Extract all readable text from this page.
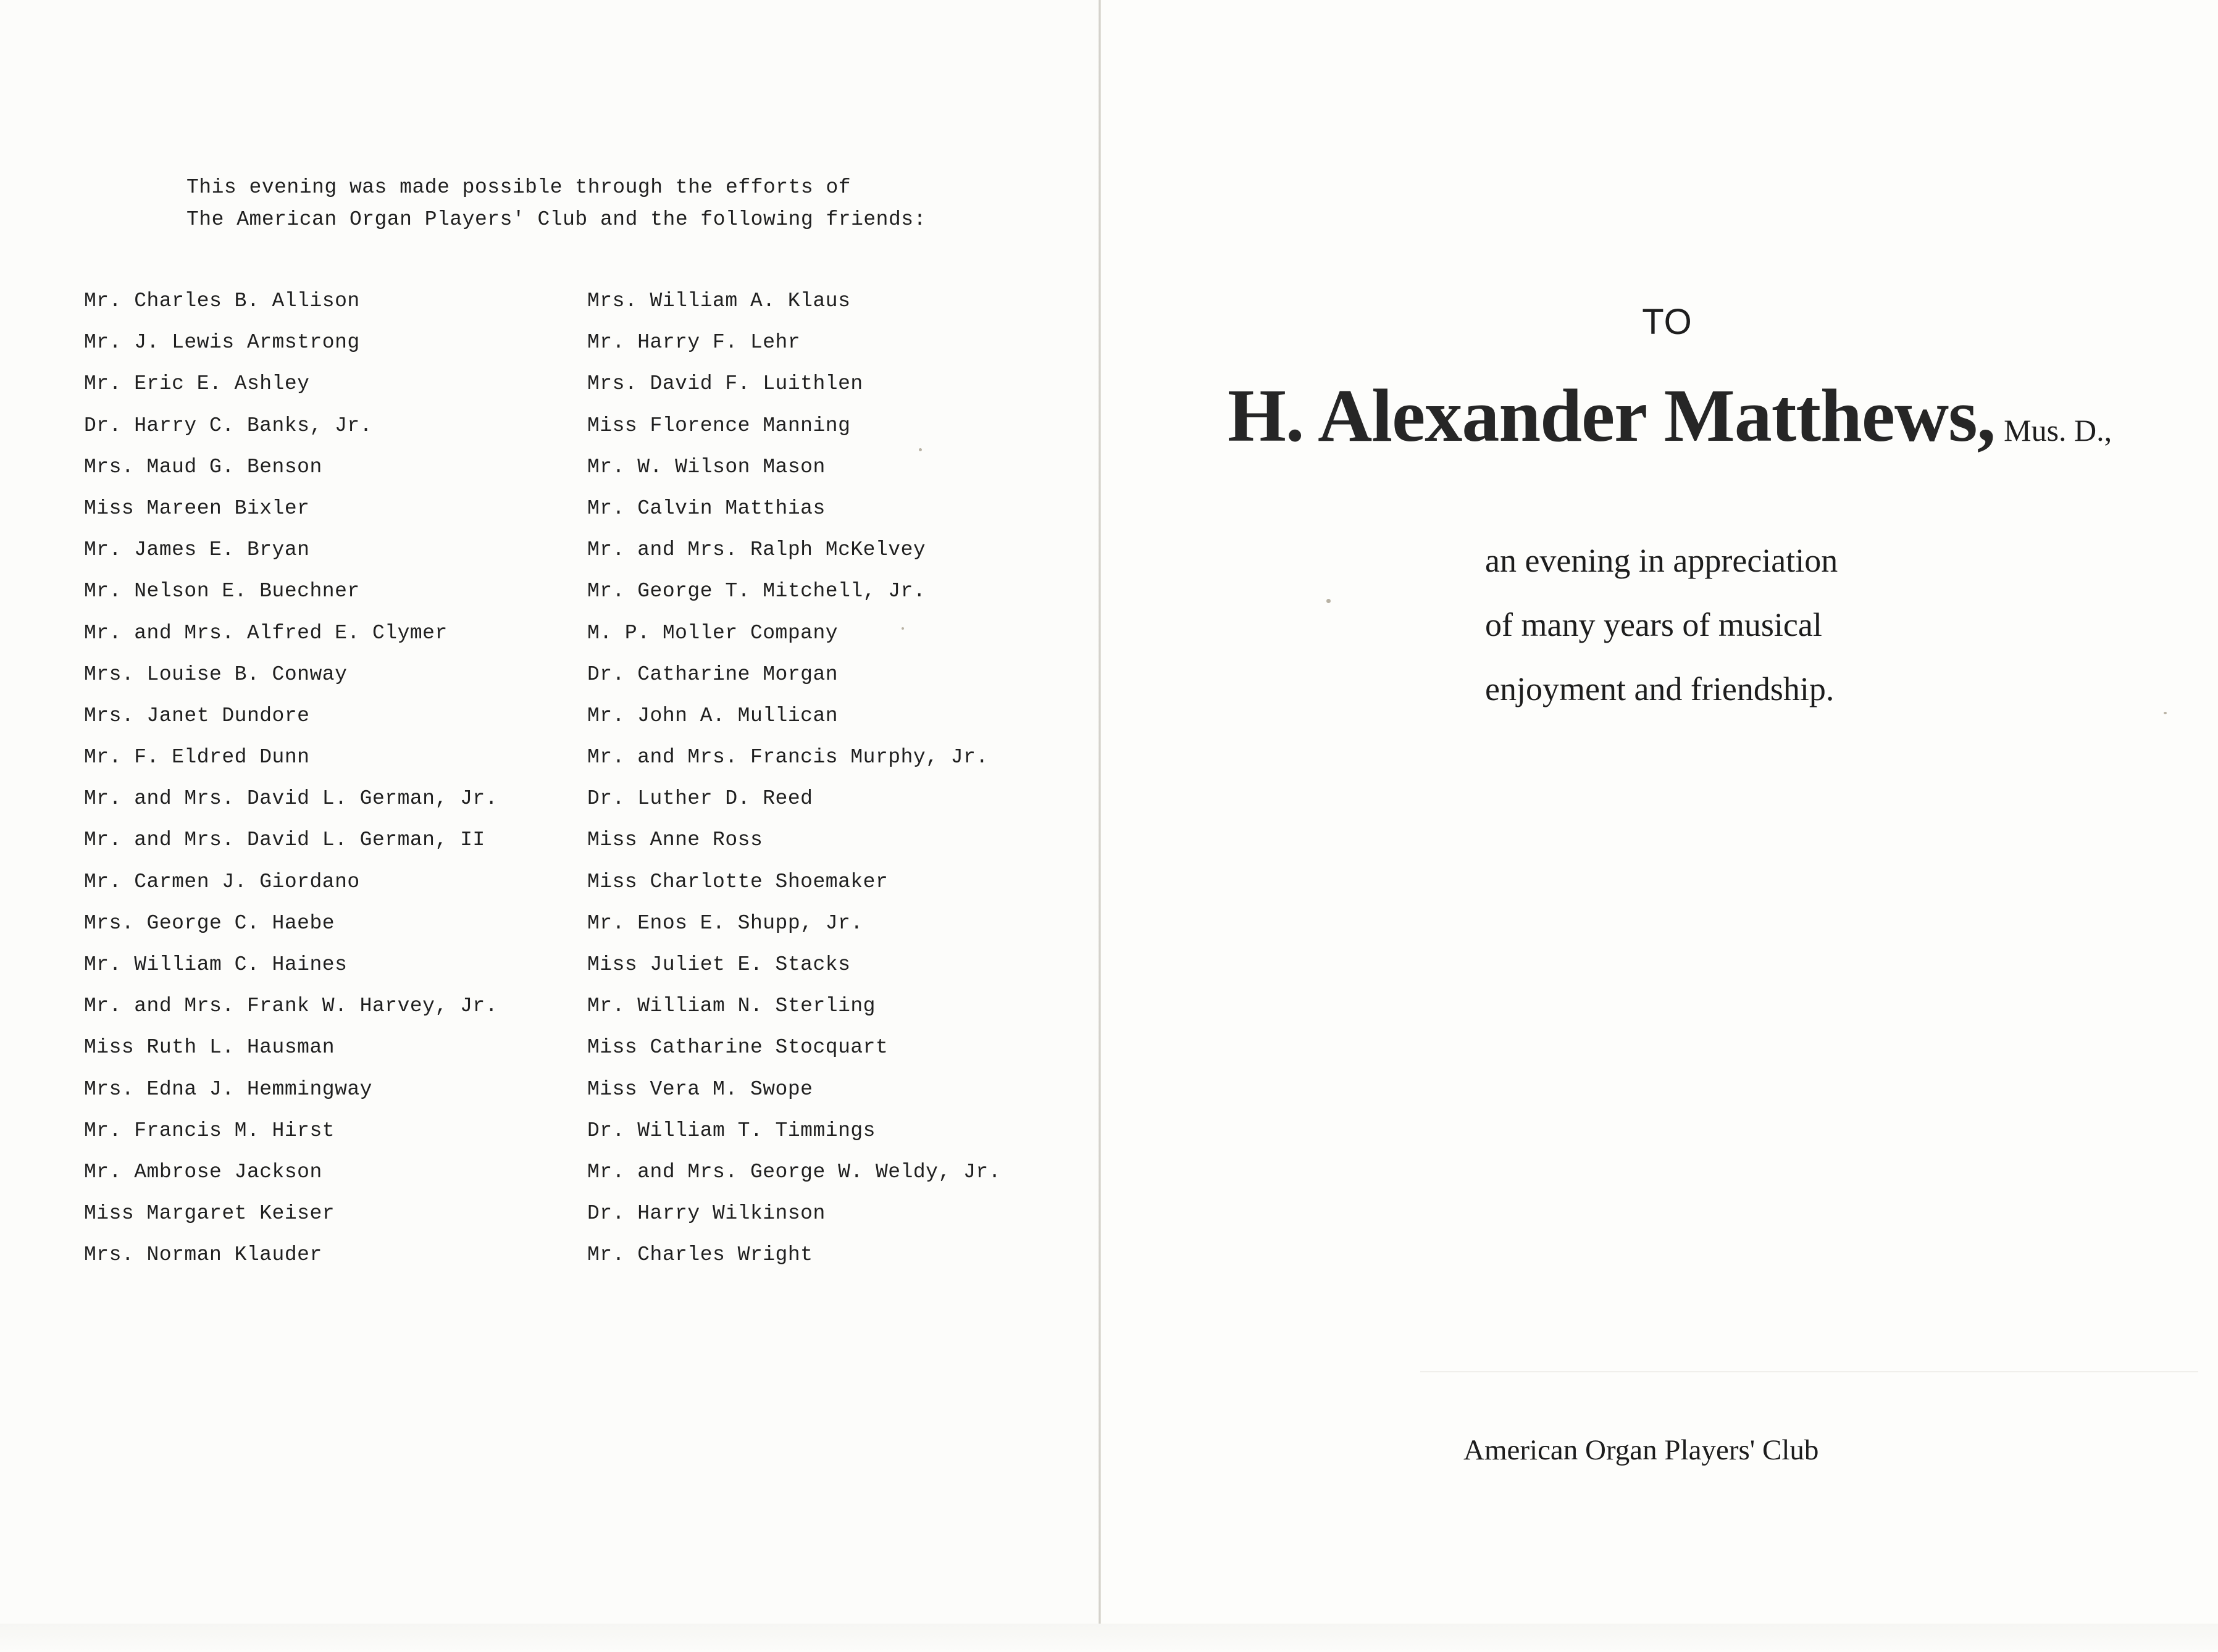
This evening was made possible through the efforts of
The American Organ Players' Club and the following friends:
Mr. Charles B. Allison
Mr. J. Lewis Armstrong
Mr. Eric E. Ashley
Dr. Harry C. Banks, Jr.
Mrs. Maud G. Benson
Miss Mareen Bixler
Mr. James E. Bryan
Mr. Nelson E. Buechner
Mr. and Mrs. Alfred E. Clymer
Mrs. Louise B. Conway
Mrs. Janet Dundore
Mr. F. Eldred Dunn
Mr. and Mrs. David L. German, Jr.
Mr. and Mrs. David L. German, II
Mr. Carmen J. Giordano
Mrs. George C. Haebe
Mr. William C. Haines
Mr. and Mrs. Frank W. Harvey, Jr.
Miss Ruth L. Hausman
Mrs. Edna J. Hemmingway
Mr. Francis M. Hirst
Mr. Ambrose Jackson
Miss Margaret Keiser
Mrs. Norman Klauder
Mrs. William A. Klaus
Mr. Harry F. Lehr
Mrs. David F. Luithlen
Miss Florence Manning
Mr. W. Wilson Mason
Mr. Calvin Matthias
Mr. and Mrs. Ralph McKelvey
Mr. George T. Mitchell, Jr.
M. P. Moller Company
Dr. Catharine Morgan
Mr. John A. Mullican
Mr. and Mrs. Francis Murphy, Jr.
Dr. Luther D. Reed
Miss Anne Ross
Miss Charlotte Shoemaker
Mr. Enos E. Shupp, Jr.
Miss Juliet E. Stacks
Mr. William N. Sterling
Miss Catharine Stocquart
Miss Vera M. Swope
Dr. William T. Timmings
Mr. and Mrs. George W. Weldy, Jr.
Dr. Harry Wilkinson
Mr. Charles Wright
TO
H. Alexander Matthews, Mus. D.,
an evening in appreciation
of many years of musical
enjoyment and friendship.
American Organ Players' Club
